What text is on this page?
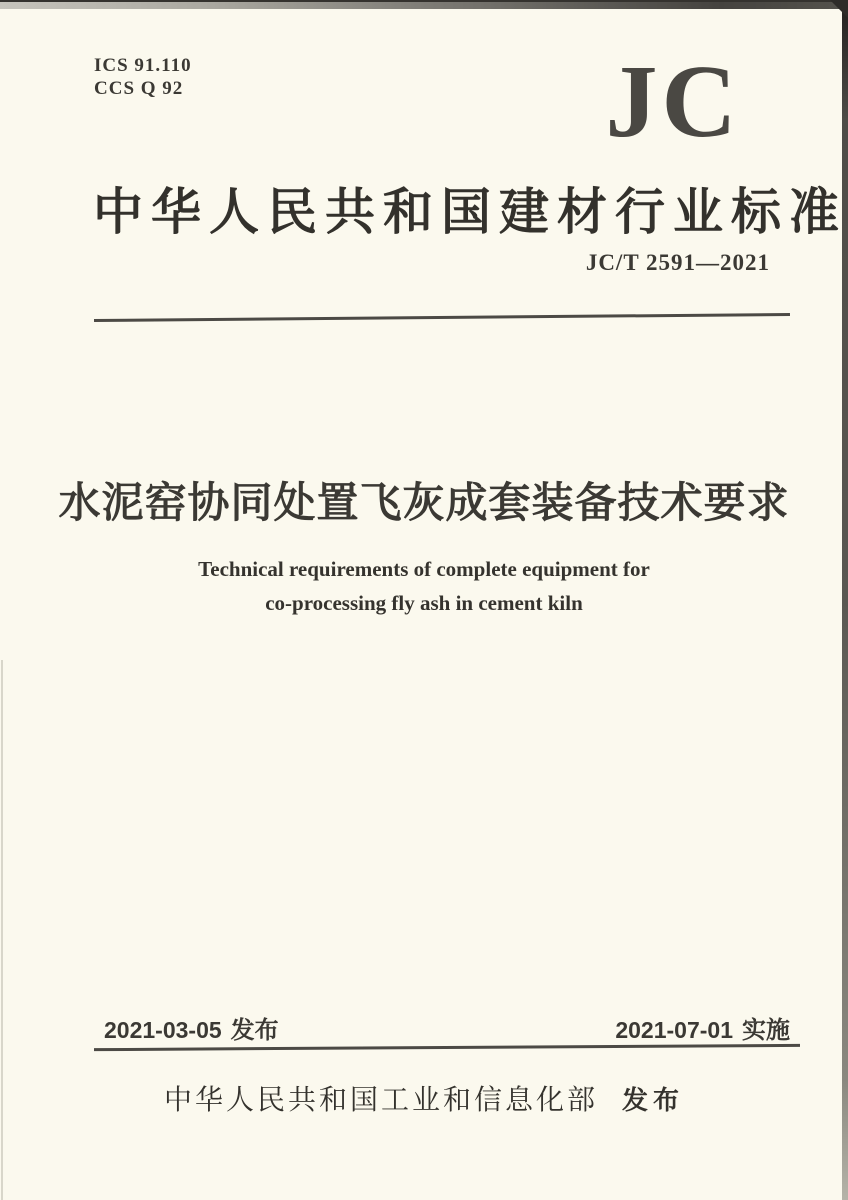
ICS 91.110
CCS Q 92	JC
中华人民共和国建材行业标准
JC/T 2591—2021
水泥窑协同处置飞灰成套装备技术要求
Technical requirements of complete equipment for
co-processing fly ash in cement kiln
2021-03-05 发布	2021-07-01 实施
中华人民共和国工业和信息化部 发布
